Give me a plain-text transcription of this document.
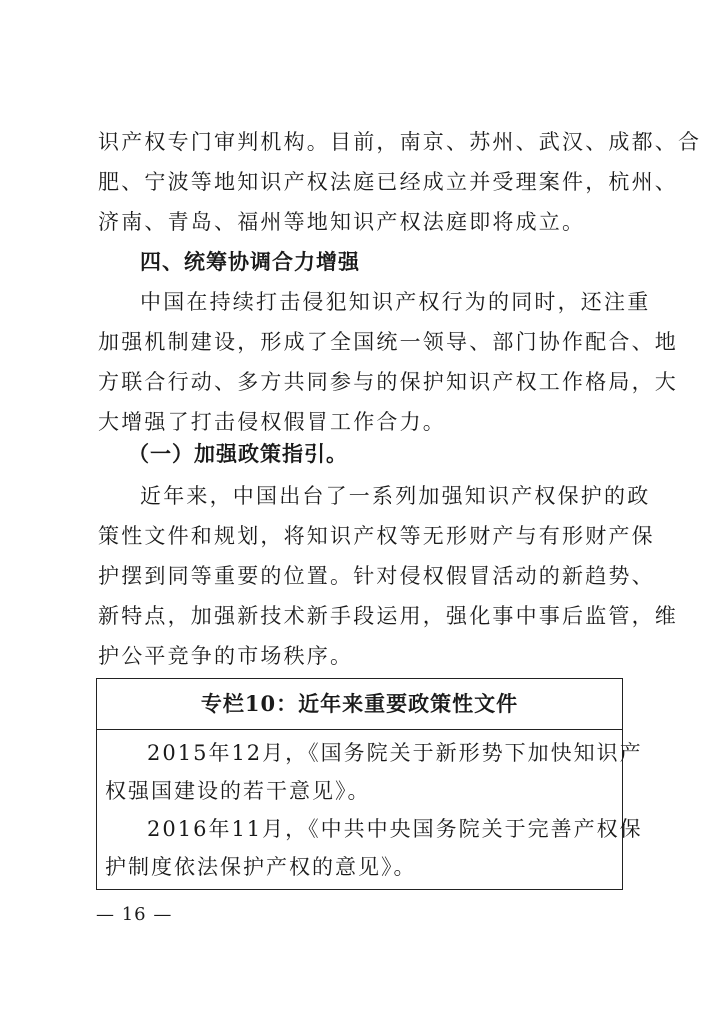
识产权专门审判机构。目前，南京、苏州、武汉、成都、合
肥、宁波等地知识产权法庭已经成立并受理案件，杭州、
济南、青岛、福州等地知识产权法庭即将成立。

四、统筹协调合力增强

中国在持续打击侵犯知识产权行为的同时，还注重
加强机制建设，形成了全国统一领导、部门协作配合、地
方联合行动、多方共同参与的保护知识产权工作格局，大
大增强了打击侵权假冒工作合力。

（一）加强政策指引。

近年来，中国出台了一系列加强知识产权保护的政
策性文件和规划，将知识产权等无形财产与有形财产保
护摆到同等重要的位置。针对侵权假冒活动的新趋势、
新特点，加强新技术新手段运用，强化事中事后监管，维
护公平竞争的市场秩序。

专栏10：近年来重要政策性文件

2015年12月，《国务院关于新形势下加快知识产
权强国建设的若干意见》。

2016年11月，《中共中央国务院关于完善产权保
护制度依法保护产权的意见》。

— 16 —
